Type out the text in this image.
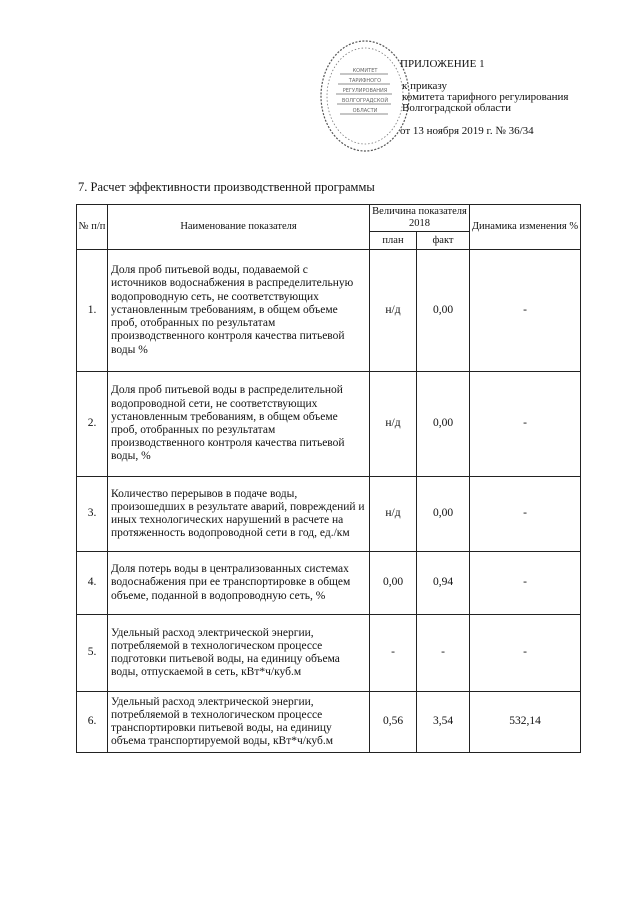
КОМИТЕТ
ТАРИФНОГО
РЕГУЛИРОВАНИЯ
ВОЛГОГРАДСКОЙ
ОБЛАСТИ
ПРИЛОЖЕНИЕ 1
к приказу
комитета тарифного регулирования
Волгоградской области
от 13 ноября 2019 г. № 36/34
7. Расчет эффективности производственной программы
№ п/п	Наименование показателя	Величина показателя 2018		Динамика изменения %
		план	факт	
1.	Доля проб питьевой воды, подаваемой с источников водоснабжения в распределительную водопроводную сеть, не соответствующих установленным требованиям, в общем объеме проб, отобранных по результатам производственного контроля качества питьевой воды %	н/д	0,00	-
2.	Доля проб питьевой воды в распределительной водопроводной сети, не соответствующих установленным требованиям, в общем объеме проб, отобранных по результатам производственного контроля качества питьевой воды, %	н/д	0,00	-
3.	Количество перерывов в подаче воды, произошедших в результате аварий, повреждений и иных технологических нарушений в расчете на протяженность водопроводной сети в год, ед./км	н/д	0,00	-
4.	Доля потерь воды в централизованных системах водоснабжения при ее транспортировке в общем объеме, поданной в водопроводную сеть, %	0,00	0,94	-
5.	Удельный расход электрической энергии, потребляемой в технологическом процессе подготовки питьевой воды, на единицу объема воды, отпускаемой в сеть, кВт*ч/куб.м	-	-	-
6.	Удельный расход электрической энергии, потребляемой в технологическом процессе транспортировки питьевой воды, на единицу объема транспортируемой воды, кВт*ч/куб.м	0,56	3,54	532,14
